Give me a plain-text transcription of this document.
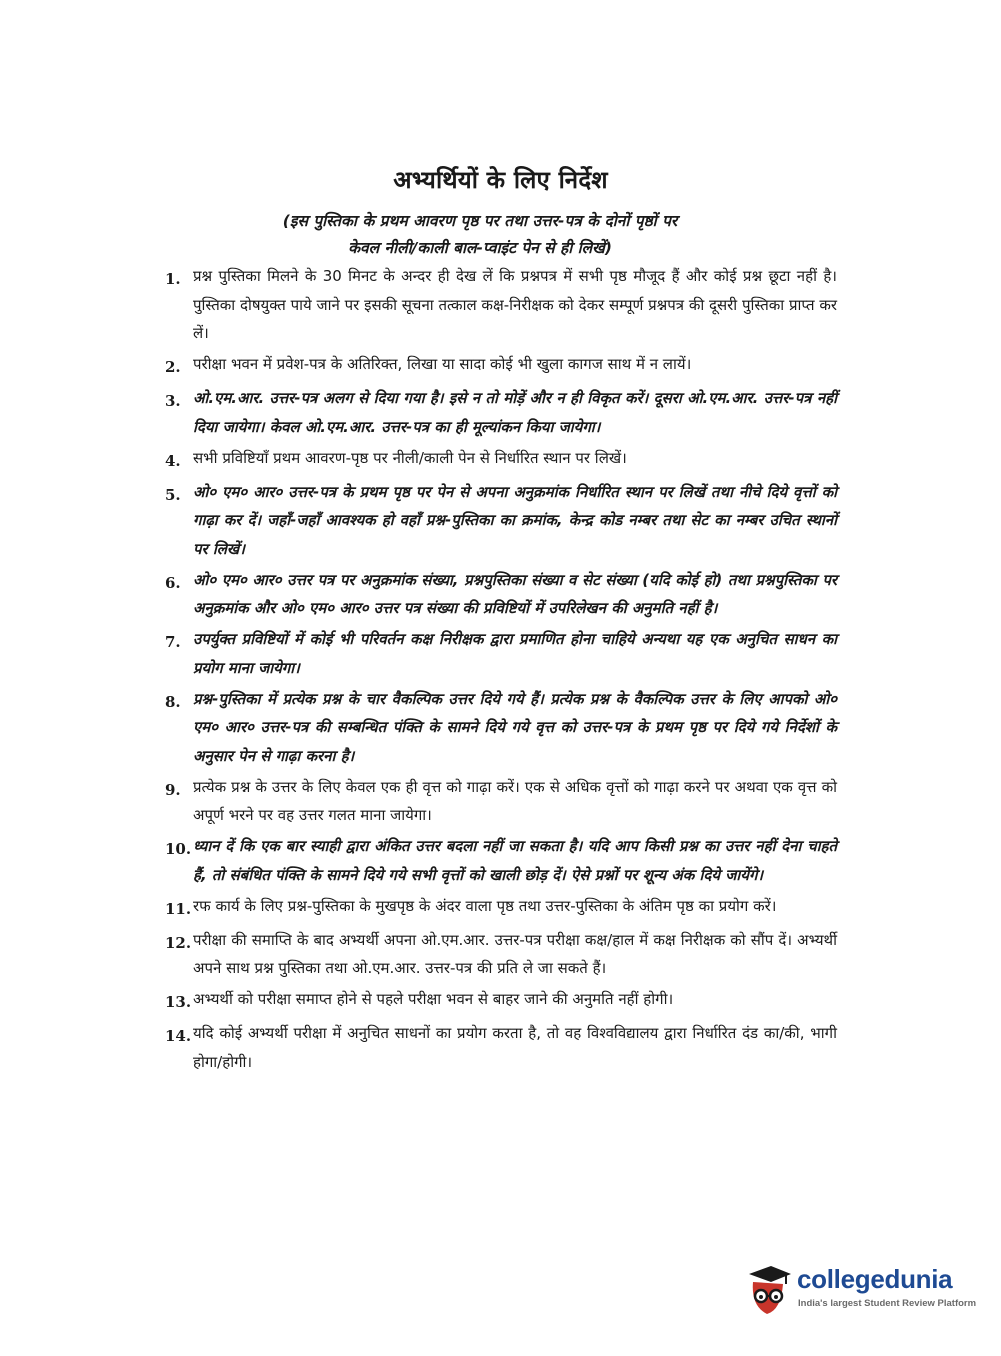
अभ्यर्थियों के लिए निर्देश
(इस पुस्तिका के प्रथम आवरण पृष्ठ पर तथा उत्तर-पत्र के दोनों पृष्ठों पर
केवल नीली/काली बाल-प्वाइंट पेन से ही लिखें)
1. प्रश्न पुस्तिका मिलने के 30 मिनट के अन्दर ही देख लें कि प्रश्नपत्र में सभी पृष्ठ मौजूद हैं और कोई प्रश्न छूटा नहीं है। पुस्तिका दोषयुक्त पाये जाने पर इसकी सूचना तत्काल कक्ष-निरीक्षक को देकर सम्पूर्ण प्रश्नपत्र की दूसरी पुस्तिका प्राप्त कर लें।
2. परीक्षा भवन में प्रवेश-पत्र के अतिरिक्त, लिखा या सादा कोई भी खुला कागज साथ में न लायें।
3. ओ.एम.आर. उत्तर-पत्र अलग से दिया गया है। इसे न तो मोड़ें और न ही विकृत करें। दूसरा ओ.एम.आर. उत्तर-पत्र नहीं दिया जायेगा। केवल ओ.एम.आर. उत्तर-पत्र का ही मूल्यांकन किया जायेगा।
4. सभी प्रविष्टियाँ प्रथम आवरण-पृष्ठ पर नीली/काली पेन से निर्धारित स्थान पर लिखें।
5. ओ० एम० आर० उत्तर-पत्र के प्रथम पृष्ठ पर पेन से अपना अनुक्रमांक निर्धारित स्थान पर लिखें तथा नीचे दिये वृत्तों को गाढ़ा कर दें। जहाँ-जहाँ आवश्यक हो वहाँ प्रश्न-पुस्तिका का क्रमांक, केन्द्र कोड नम्बर तथा सेट का नम्बर उचित स्थानों पर लिखें।
6. ओ० एम० आर० उत्तर पत्र पर अनुक्रमांक संख्या, प्रश्नपुस्तिका संख्या व सेट संख्या (यदि कोई हो) तथा प्रश्नपुस्तिका पर अनुक्रमांक और ओ० एम० आर० उत्तर पत्र संख्या की प्रविष्टियों में उपरिलेखन की अनुमति नहीं है।
7. उपर्युक्त प्रविष्टियों में कोई भी परिवर्तन कक्ष निरीक्षक द्वारा प्रमाणित होना चाहिये अन्यथा यह एक अनुचित साधन का प्रयोग माना जायेगा।
8. प्रश्न-पुस्तिका में प्रत्येक प्रश्न के चार वैकल्पिक उत्तर दिये गये हैं। प्रत्येक प्रश्न के वैकल्पिक उत्तर के लिए आपको ओ० एम० आर० उत्तर-पत्र की सम्बन्धित पंक्ति के सामने दिये गये वृत्त को उत्तर-पत्र के प्रथम पृष्ठ पर दिये गये निर्देशों के अनुसार पेन से गाढ़ा करना है।
9. प्रत्येक प्रश्न के उत्तर के लिए केवल एक ही वृत्त को गाढ़ा करें। एक से अधिक वृत्तों को गाढ़ा करने पर अथवा एक वृत्त को अपूर्ण भरने पर वह उत्तर गलत माना जायेगा।
10. ध्यान दें कि एक बार स्याही द्वारा अंकित उत्तर बदला नहीं जा सकता है। यदि आप किसी प्रश्न का उत्तर नहीं देना चाहते हैं, तो संबंधित पंक्ति के सामने दिये गये सभी वृत्तों को खाली छोड़ दें। ऐसे प्रश्नों पर शून्य अंक दिये जायेंगे।
11. रफ कार्य के लिए प्रश्न-पुस्तिका के मुखपृष्ठ के अंदर वाला पृष्ठ तथा उत्तर-पुस्तिका के अंतिम पृष्ठ का प्रयोग करें।
12. परीक्षा की समाप्ति के बाद अभ्यर्थी अपना ओ.एम.आर. उत्तर-पत्र परीक्षा कक्ष/हाल में कक्ष निरीक्षक को सौंप दें। अभ्यर्थी अपने साथ प्रश्न पुस्तिका तथा ओ.एम.आर. उत्तर-पत्र की प्रति ले जा सकते हैं।
13. अभ्यर्थी को परीक्षा समाप्त होने से पहले परीक्षा भवन से बाहर जाने की अनुमति नहीं होगी।
14. यदि कोई अभ्यर्थी परीक्षा में अनुचित साधनों का प्रयोग करता है, तो वह विश्वविद्यालय द्वारा निर्धारित दंड का/की, भागी होगा/होगी।
collegedunia
India's largest Student Review Platform
